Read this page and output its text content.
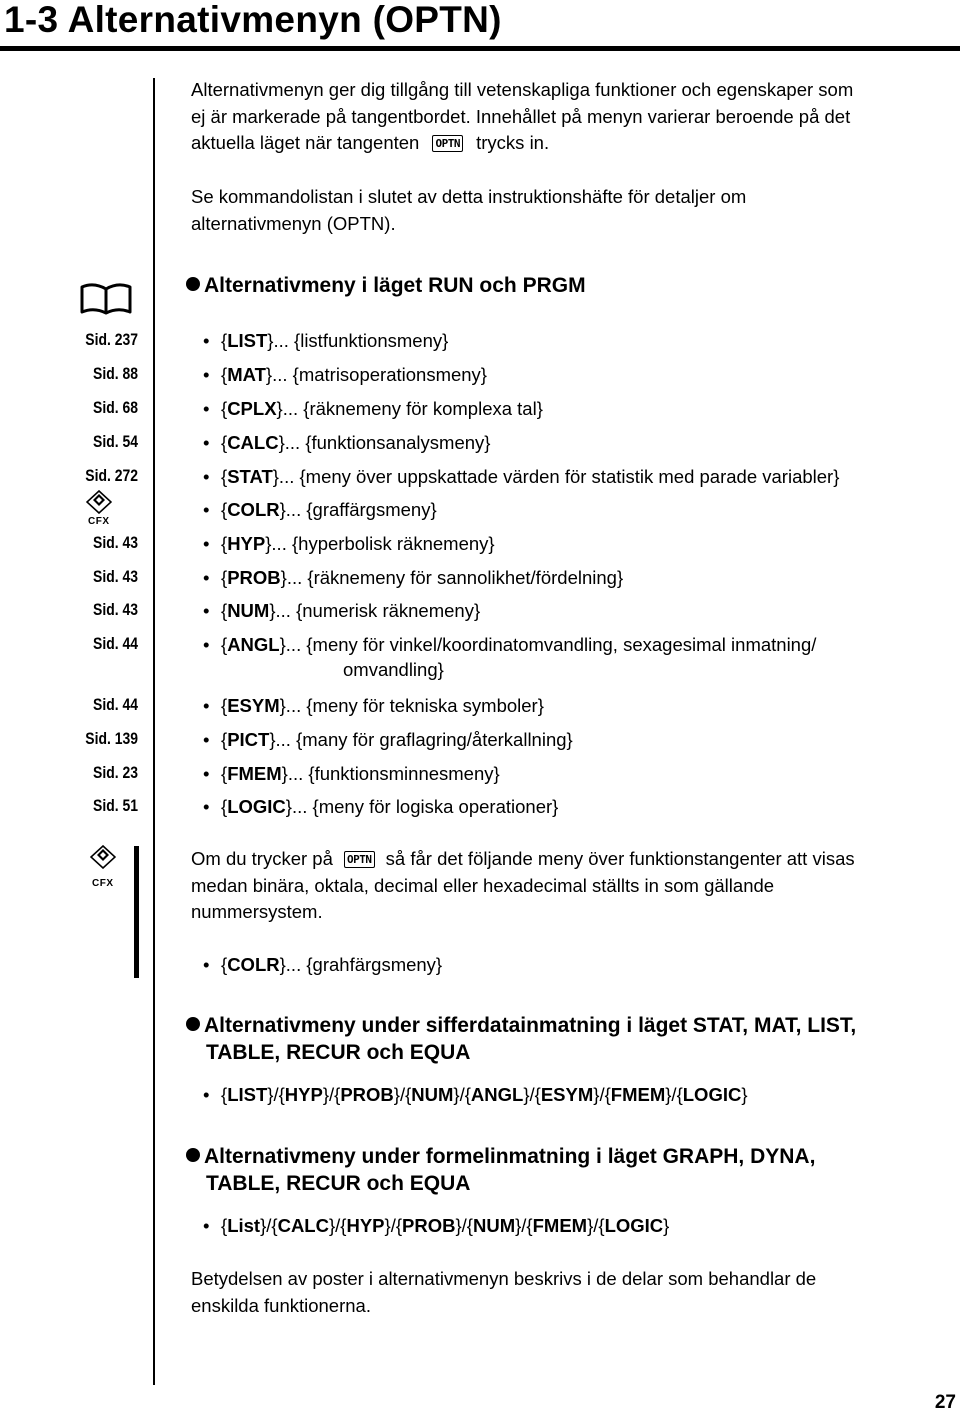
1-3 Alternativmenyn (OPTN)

Alternativmenyn ger dig tillgång till vetenskapliga funktioner och egenskaper som
ej är markerade på tangentbordet. Innehållet på menyn varierar beroende på det
aktuella läget när tangenten OPTN trycks in.

Se kommandolistan i slutet av detta instruktionshäfte för detaljer om
alternativmenyn (OPTN).

Alternativmeny i läget RUN och PRGM
CFX
Sid. 237
Sid. 88
Sid. 68
Sid. 54
Sid. 272
Sid. 43
Sid. 43
Sid. 43
Sid. 44
Sid. 44
Sid. 139
Sid. 23
Sid. 51
• {LIST}... {listfunktionsmeny}
• {MAT}... {matrisoperationsmeny}
• {CPLX}... {räknemeny för komplexa tal}
• {CALC}... {funktionsanalysmeny}
• {STAT}... {meny över uppskattade värden för statistik med parade variabler}
• {COLR}... {graffärgsmeny}
• {HYP}... {hyperbolisk räknemeny}
• {PROB}... {räknemeny för sannolikhet/fördelning}
• {NUM}... {numerisk räknemeny}
• {ANGL}... {meny för vinkel/koordinatomvandling, sexagesimal inmatning/
omvandling}
• {ESYM}... {meny för tekniska symboler}
• {PICT}... {many för graflagring/återkallning}
• {FMEM}... {funktionsminnesmeny}
• {LOGIC}... {meny för logiska operationer}
CFX

Om du trycker på OPTN så får det följande meny över funktionstangenter att visas
medan binära, oktala, decimal eller hexadecimal ställts in som gällande
nummersystem.

• {COLR}... {grahfärgsmeny}
Alternativmeny under sifferdatainmatning i läget STAT, MAT, LIST,
TABLE, RECUR och EQUA
• {LIST}/{HYP}/{PROB}/{NUM}/{ANGL}/{ESYM}/{FMEM}/{LOGIC}
Alternativmeny under formelinmatning i läget GRAPH, DYNA,
TABLE, RECUR och EQUA
• {List}/{CALC}/{HYP}/{PROB}/{NUM}/{FMEM}/{LOGIC}

Betydelsen av poster i alternativmenyn beskrivs i de delar som behandlar de
enskilda funktionerna.

27
